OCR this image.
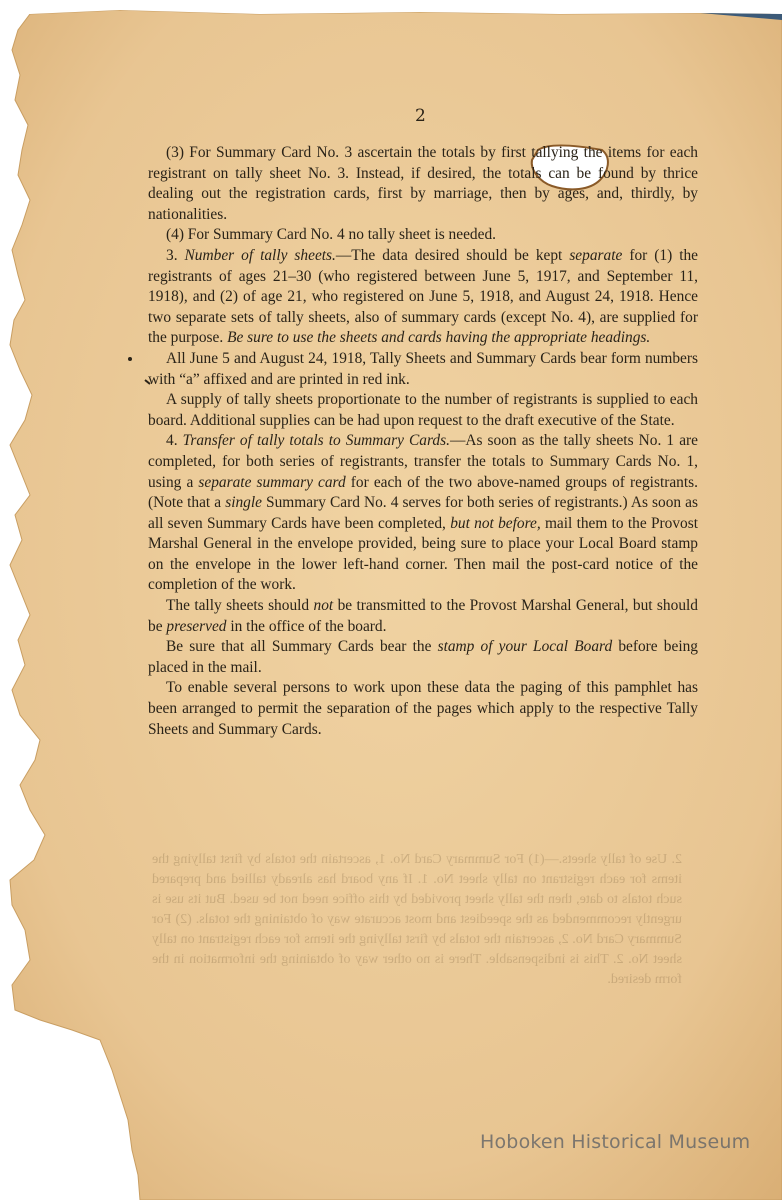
2
2. Use of tally sheets.—(1) For Summary Card No. 1, ascertain the totals by first tallying the items for each registrant on tally sheet No. 1. If any board has already tallied and prepared such totals to date, then the tally sheet provided by this office need not be used. But its use is urgently recommended as the speediest and most accurate way of obtaining the totals. (2) For Summary Card No. 2, ascertain the totals by first tallying the items for each registrant on tally sheet No. 2. This is indispensable. There is no other way of obtaining the information in the form desired.

(3) For Summary Card No. 3 ascertain the totals by first tallying the items for each registrant on tally sheet No. 3. Instead, if desired, the totals can be found by thrice dealing out the registration cards, first by marriage, then by ages, and, thirdly, by nationalities.

(4) For Summary Card No. 4 no tally sheet is needed.

3. Number of tally sheets.—The data desired should be kept separate for (1) the registrants of ages 21–30 (who registered between June 5, 1917, and September 11, 1918), and (2) of age 21, who registered on June 5, 1918, and August 24, 1918. Hence two separate sets of tally sheets, also of summary cards (except No. 4), are supplied for the purpose. Be sure to use the sheets and cards having the appropriate headings.

All June 5 and August 24, 1918, Tally Sheets and Summary Cards bear form numbers with “a” affixed and are printed in red ink.

A supply of tally sheets proportionate to the number of registrants is supplied to each board. Additional supplies can be had upon request to the draft executive of the State.

4. Transfer of tally totals to Summary Cards.—As soon as the tally sheets No. 1 are completed, for both series of registrants, transfer the totals to Summary Cards No. 1, using a separate summary card for each of the two above-named groups of registrants. (Note that a single Summary Card No. 4 serves for both series of registrants.) As soon as all seven Summary Cards have been completed, but not before, mail them to the Provost Marshal General in the envelope provided, being sure to place your Local Board stamp on the envelope in the lower left-hand corner. Then mail the post-card notice of the completion of the work.

The tally sheets should not be transmitted to the Provost Marshal General, but should be preserved in the office of the board.

Be sure that all Summary Cards bear the stamp of your Local Board before being placed in the mail.

To enable several persons to work upon these data the paging of this pamphlet has been arranged to permit the separation of the pages which apply to the respective Tally Sheets and Summary Cards.

Hoboken Historical Museum
